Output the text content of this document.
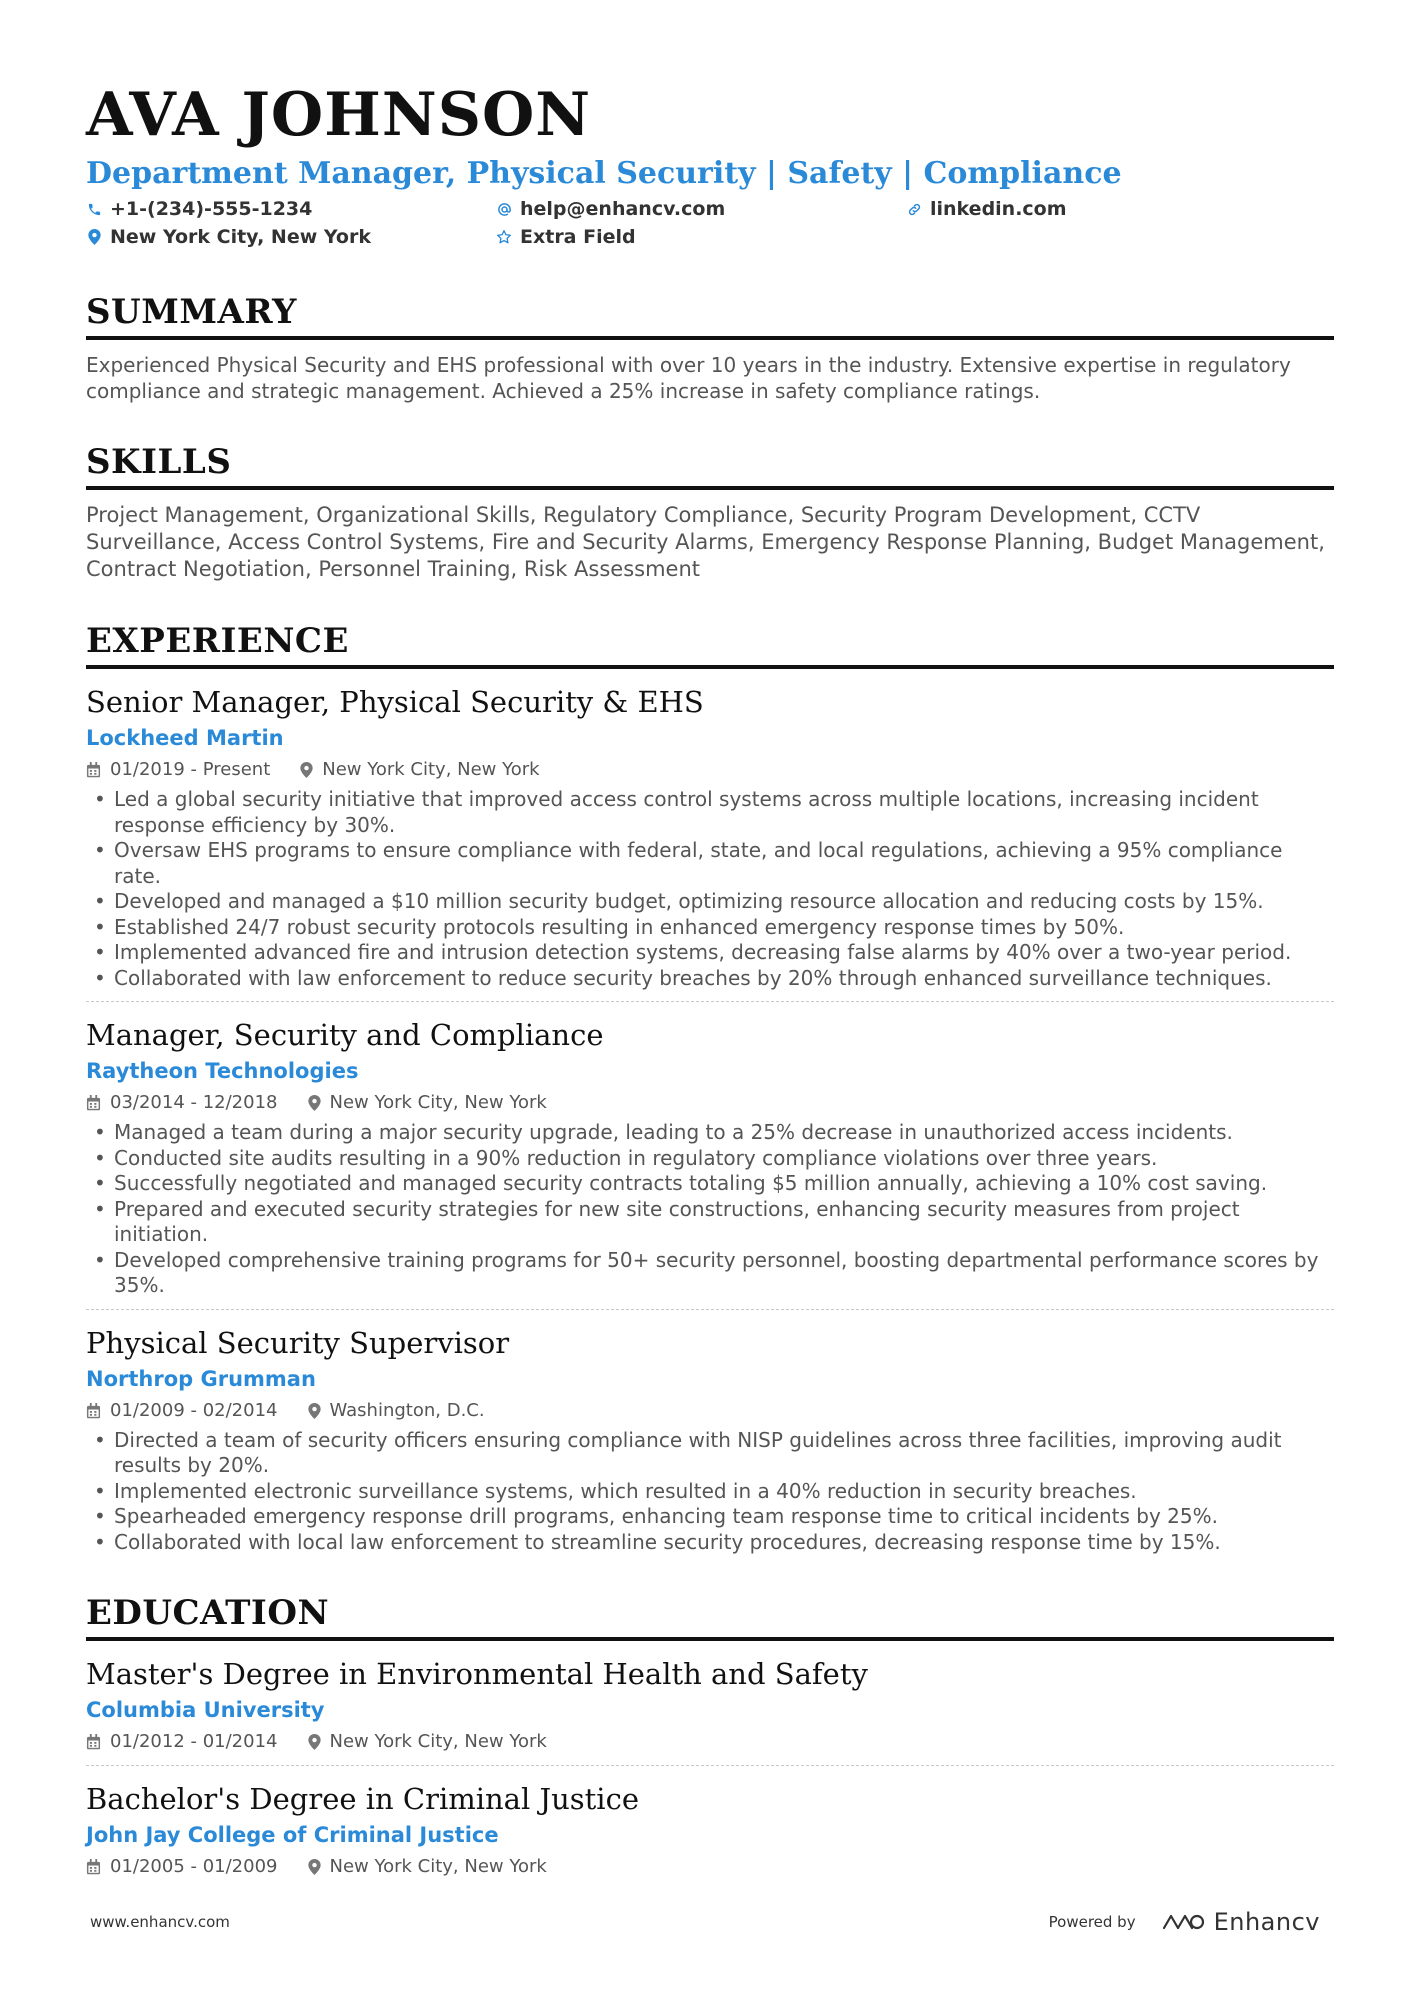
AVA JOHNSON
Department Manager, Physical Security | Safety | Compliance
+1-(234)-555-1234	help@enhancv.com	linkedin.com
New York City, New York	Extra Field
SUMMARY

Experienced Physical Security and EHS professional with over 10 years in the industry. Extensive expertise in regulatory compliance and strategic management. Achieved a 25% increase in safety compliance ratings.

SKILLS

Project Management, Organizational Skills, Regulatory Compliance, Security Program Development, CCTV Surveillance, Access Control Systems, Fire and Security Alarms, Emergency Response Planning, Budget Management, Contract Negotiation, Personnel Training, Risk Assessment

EXPERIENCE
Senior Manager, Physical Security & EHS
Lockheed Martin
01/2019 - Present	New York City, New York
• Led a global security initiative that improved access control systems across multiple locations, increasing incident response efficiency by 30%.
• Oversaw EHS programs to ensure compliance with federal, state, and local regulations, achieving a 95% compliance rate.
• Developed and managed a $10 million security budget, optimizing resource allocation and reducing costs by 15%.
• Established 24/7 robust security protocols resulting in enhanced emergency response times by 50%.
• Implemented advanced fire and intrusion detection systems, decreasing false alarms by 40% over a two-year period.
• Collaborated with law enforcement to reduce security breaches by 20% through enhanced surveillance techniques.
Manager, Security and Compliance
Raytheon Technologies
03/2014 - 12/2018	New York City, New York
• Managed a team during a major security upgrade, leading to a 25% decrease in unauthorized access incidents.
• Conducted site audits resulting in a 90% reduction in regulatory compliance violations over three years.
• Successfully negotiated and managed security contracts totaling $5 million annually, achieving a 10% cost saving.
• Prepared and executed security strategies for new site constructions, enhancing security measures from project initiation.
• Developed comprehensive training programs for 50+ security personnel, boosting departmental performance scores by 35%.
Physical Security Supervisor
Northrop Grumman
01/2009 - 02/2014	Washington, D.C.
• Directed a team of security officers ensuring compliance with NISP guidelines across three facilities, improving audit results by 20%.
• Implemented electronic surveillance systems, which resulted in a 40% reduction in security breaches.
• Spearheaded emergency response drill programs, enhancing team response time to critical incidents by 25%.
• Collaborated with local law enforcement to streamline security procedures, decreasing response time by 15%.
EDUCATION
Master's Degree in Environmental Health and Safety
Columbia University
01/2012 - 01/2014	New York City, New York
Bachelor's Degree in Criminal Justice
John Jay College of Criminal Justice
01/2005 - 01/2009	New York City, New York
www.enhancv.com	Powered by	Enhancv
